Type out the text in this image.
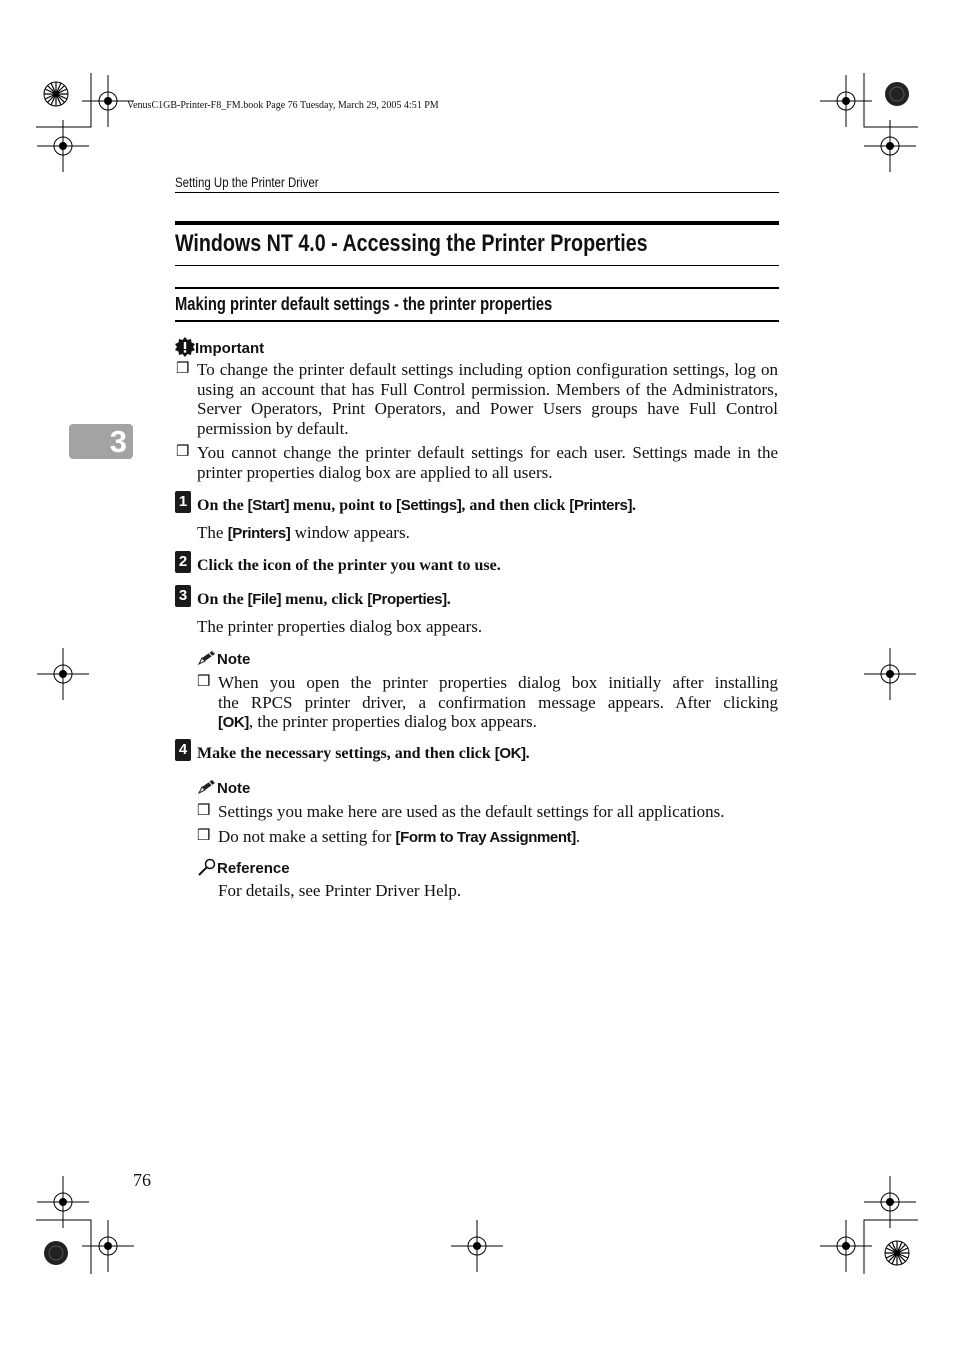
VenusC1GB-Printer-F8_FM.book Page 76 Tuesday, March 29, 2005 4:51 PM
Setting Up the Printer Driver
3
Windows NT 4.0 - Accessing the Printer Properties
Making printer default settings - the printer properties
Important
❒ To change the printer default settings including option configuration settings, log on using an account that has Full Control permission. Members of the Administrators, Server Operators, Print Operators, and Power Users groups have Full Control permission by default.
❒ You cannot change the printer default settings for each user. Settings made in the printer properties dialog box are applied to all users.
1 On the [Start] menu, point to [Settings], and then click [Printers].
The [Printers] window appears.
2 Click the icon of the printer you want to use.
3 On the [File] menu, click [Properties].
The printer properties dialog box appears.
Note
❒ When you open the printer properties dialog box initially after installing
the RPCS printer driver, a confirmation message appears. After clicking
[OK], the printer properties dialog box appears.
4 Make the necessary settings, and then click [OK].
Note
❒ Settings you make here are used as the default settings for all applications.
❒ Do not make a setting for [Form to Tray Assignment].
Reference
For details, see Printer Driver Help.
76
